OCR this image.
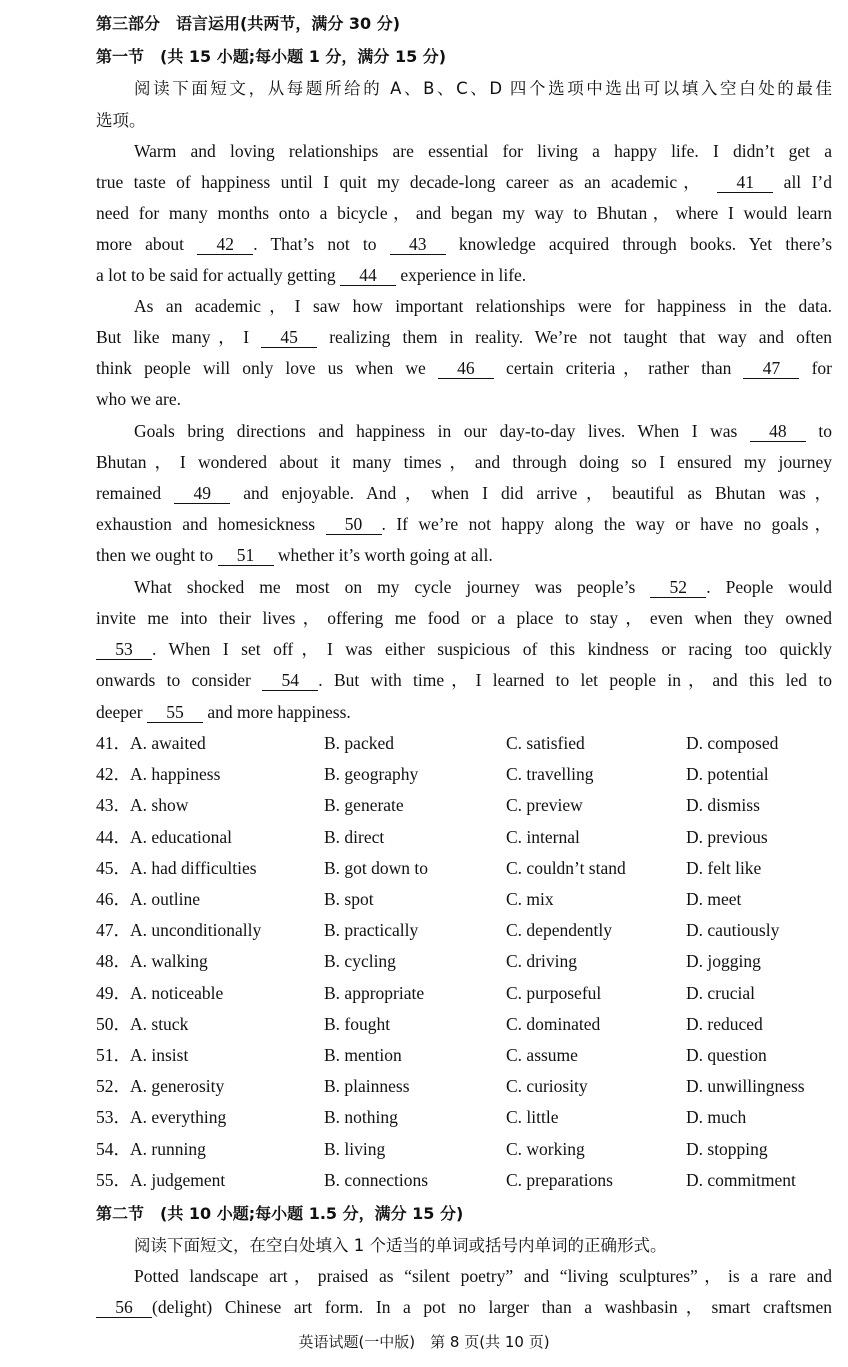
第三部分　语言运用(共两节，满分 30 分)
第一节　(共 15 小题;每小题 1 分，满分 15 分)
阅读下面短文，从每题所给的 A、B、C、D 四个选项中选出可以填入空白处的最佳
选项。
Warm and loving relationships are essential for living a happy life. I didn’t get a
true taste of happiness until I quit my decade-long career as an academic， 41 all I’d
need for many months onto a bicycle，and began my way to Bhutan，where I would learn
more about 42 . That’s not to 43 knowledge acquired through books. Yet there’s
a lot to be said for actually getting 44 experience in life.
As an academic，I saw how important relationships were for happiness in the data.
But like many，I 45 realizing them in reality. We’re not taught that way and often
think people will only love us when we 46 certain criteria，rather than 47 for
who we are.
Goals bring directions and happiness in our day-to-day lives. When I was 48 to
Bhutan，I wondered about it many times，and through doing so I ensured my journey
remained 49 and enjoyable. And，when I did arrive，beautiful as Bhutan was，
exhaustion and homesickness 50 . If we’re not happy along the way or have no goals，
then we ought to 51 whether it’s worth going at all.
What shocked me most on my cycle journey was people’s 52 . People would
invite me into their lives，offering me food or a place to stay，even when they owned
53 . When I set off，I was either suspicious of this kindness or racing too quickly
onwards to consider 54 . But with time，I learned to let people in，and this led to
deeper 55 and more happiness.
41． A. awaited	B. packed	C. satisfied	D. composed
42． A. happiness	B. geography	C. travelling	D. potential
43． A. show	B. generate	C. preview	D. dismiss
44． A. educational	B. direct	C. internal	D. previous
45． A. had difficulties	B. got down to	C. couldn’t stand	D. felt like
46． A. outline	B. spot	C. mix	D. meet
47． A. unconditionally	B. practically	C. dependently	D. cautiously
48． A. walking	B. cycling	C. driving	D. jogging
49． A. noticeable	B. appropriate	C. purposeful	D. crucial
50． A. stuck	B. fought	C. dominated	D. reduced
51． A. insist	B. mention	C. assume	D. question
52． A. generosity	B. plainness	C. curiosity	D. unwillingness
53． A. everything	B. nothing	C. little	D. much
54． A. running	B. living	C. working	D. stopping
55． A. judgement	B. connections	C. preparations	D. commitment
第二节　(共 10 小题;每小题 1.5 分，满分 15 分)
阅读下面短文，在空白处填入 1 个适当的单词或括号内单词的正确形式。
Potted landscape art，praised as “silent poetry” and “living sculptures”，is a rare and
56 (delight) Chinese art form. In a pot no larger than a washbasin，smart craftsmen
英语试题(一中版)　第 8 页(共 10 页)
